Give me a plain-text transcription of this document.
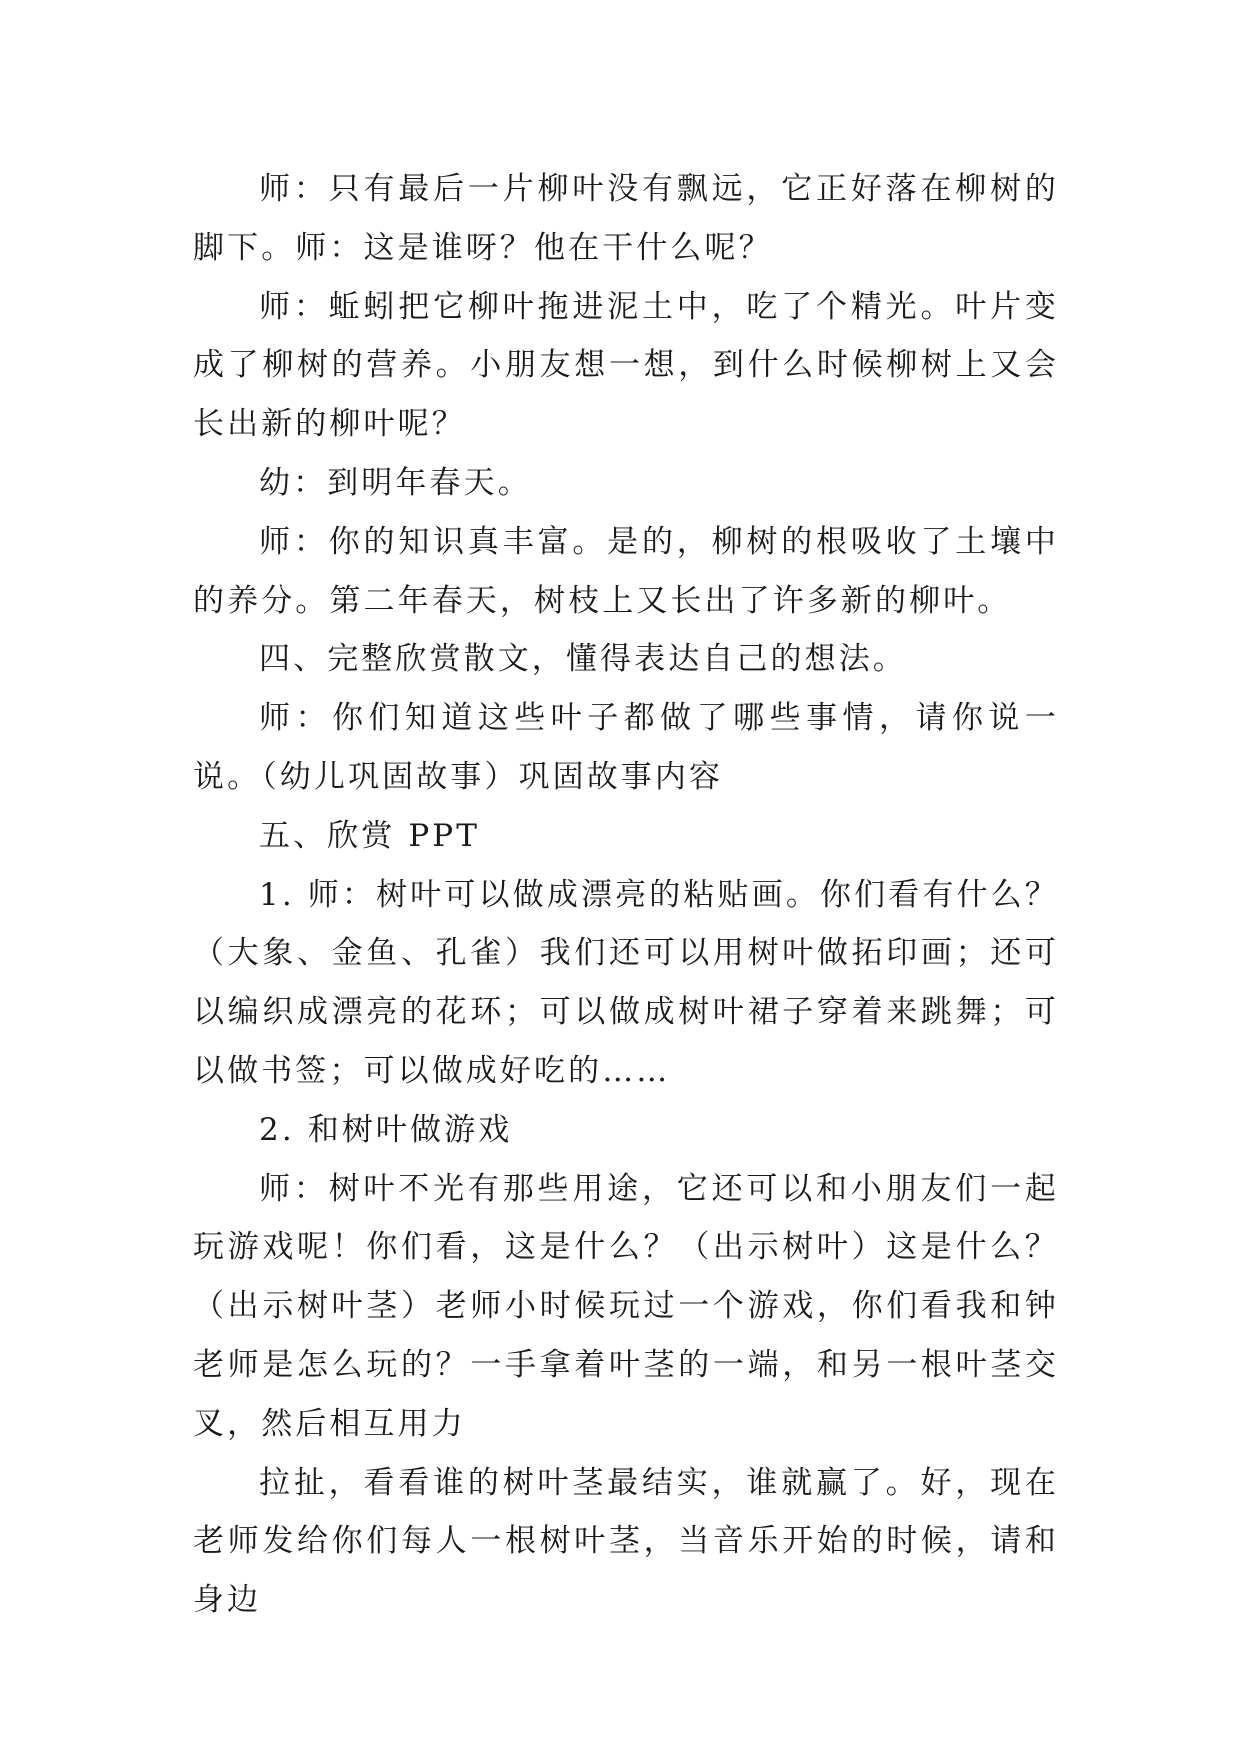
师：只有最后一片柳叶没有飘远，它正好落在柳树的脚下。师：这是谁呀？他在干什么呢？

师：蚯蚓把它柳叶拖进泥土中，吃了个精光。叶片变成了柳树的营养。小朋友想一想，到什么时候柳树上又会长出新的柳叶呢？

幼：到明年春天。

师：你的知识真丰富。是的，柳树的根吸收了土壤中的养分。第二年春天，树枝上又长出了许多新的柳叶。

四、完整欣赏散文，懂得表达自己的想法。

师：你们知道这些叶子都做了哪些事情，请你说一说。（幼儿巩固故事）巩固故事内容

五、欣赏 PPT

1. 师：树叶可以做成漂亮的粘贴画。你们看有什么？（大象、金鱼、孔雀）我们还可以用树叶做拓印画；还可以编织成漂亮的花环；可以做成树叶裙子穿着来跳舞；可以做书签；可以做成好吃的……

2. 和树叶做游戏

师：树叶不光有那些用途，它还可以和小朋友们一起玩游戏呢！你们看，这是什么？（出示树叶）这是什么？（出示树叶茎）老师小时候玩过一个游戏，你们看我和钟老师是怎么玩的？一手拿着叶茎的一端，和另一根叶茎交叉，然后相互用力

拉扯，看看谁的树叶茎最结实，谁就赢了。好，现在老师发给你们每人一根树叶茎，当音乐开始的时候，请和身边
